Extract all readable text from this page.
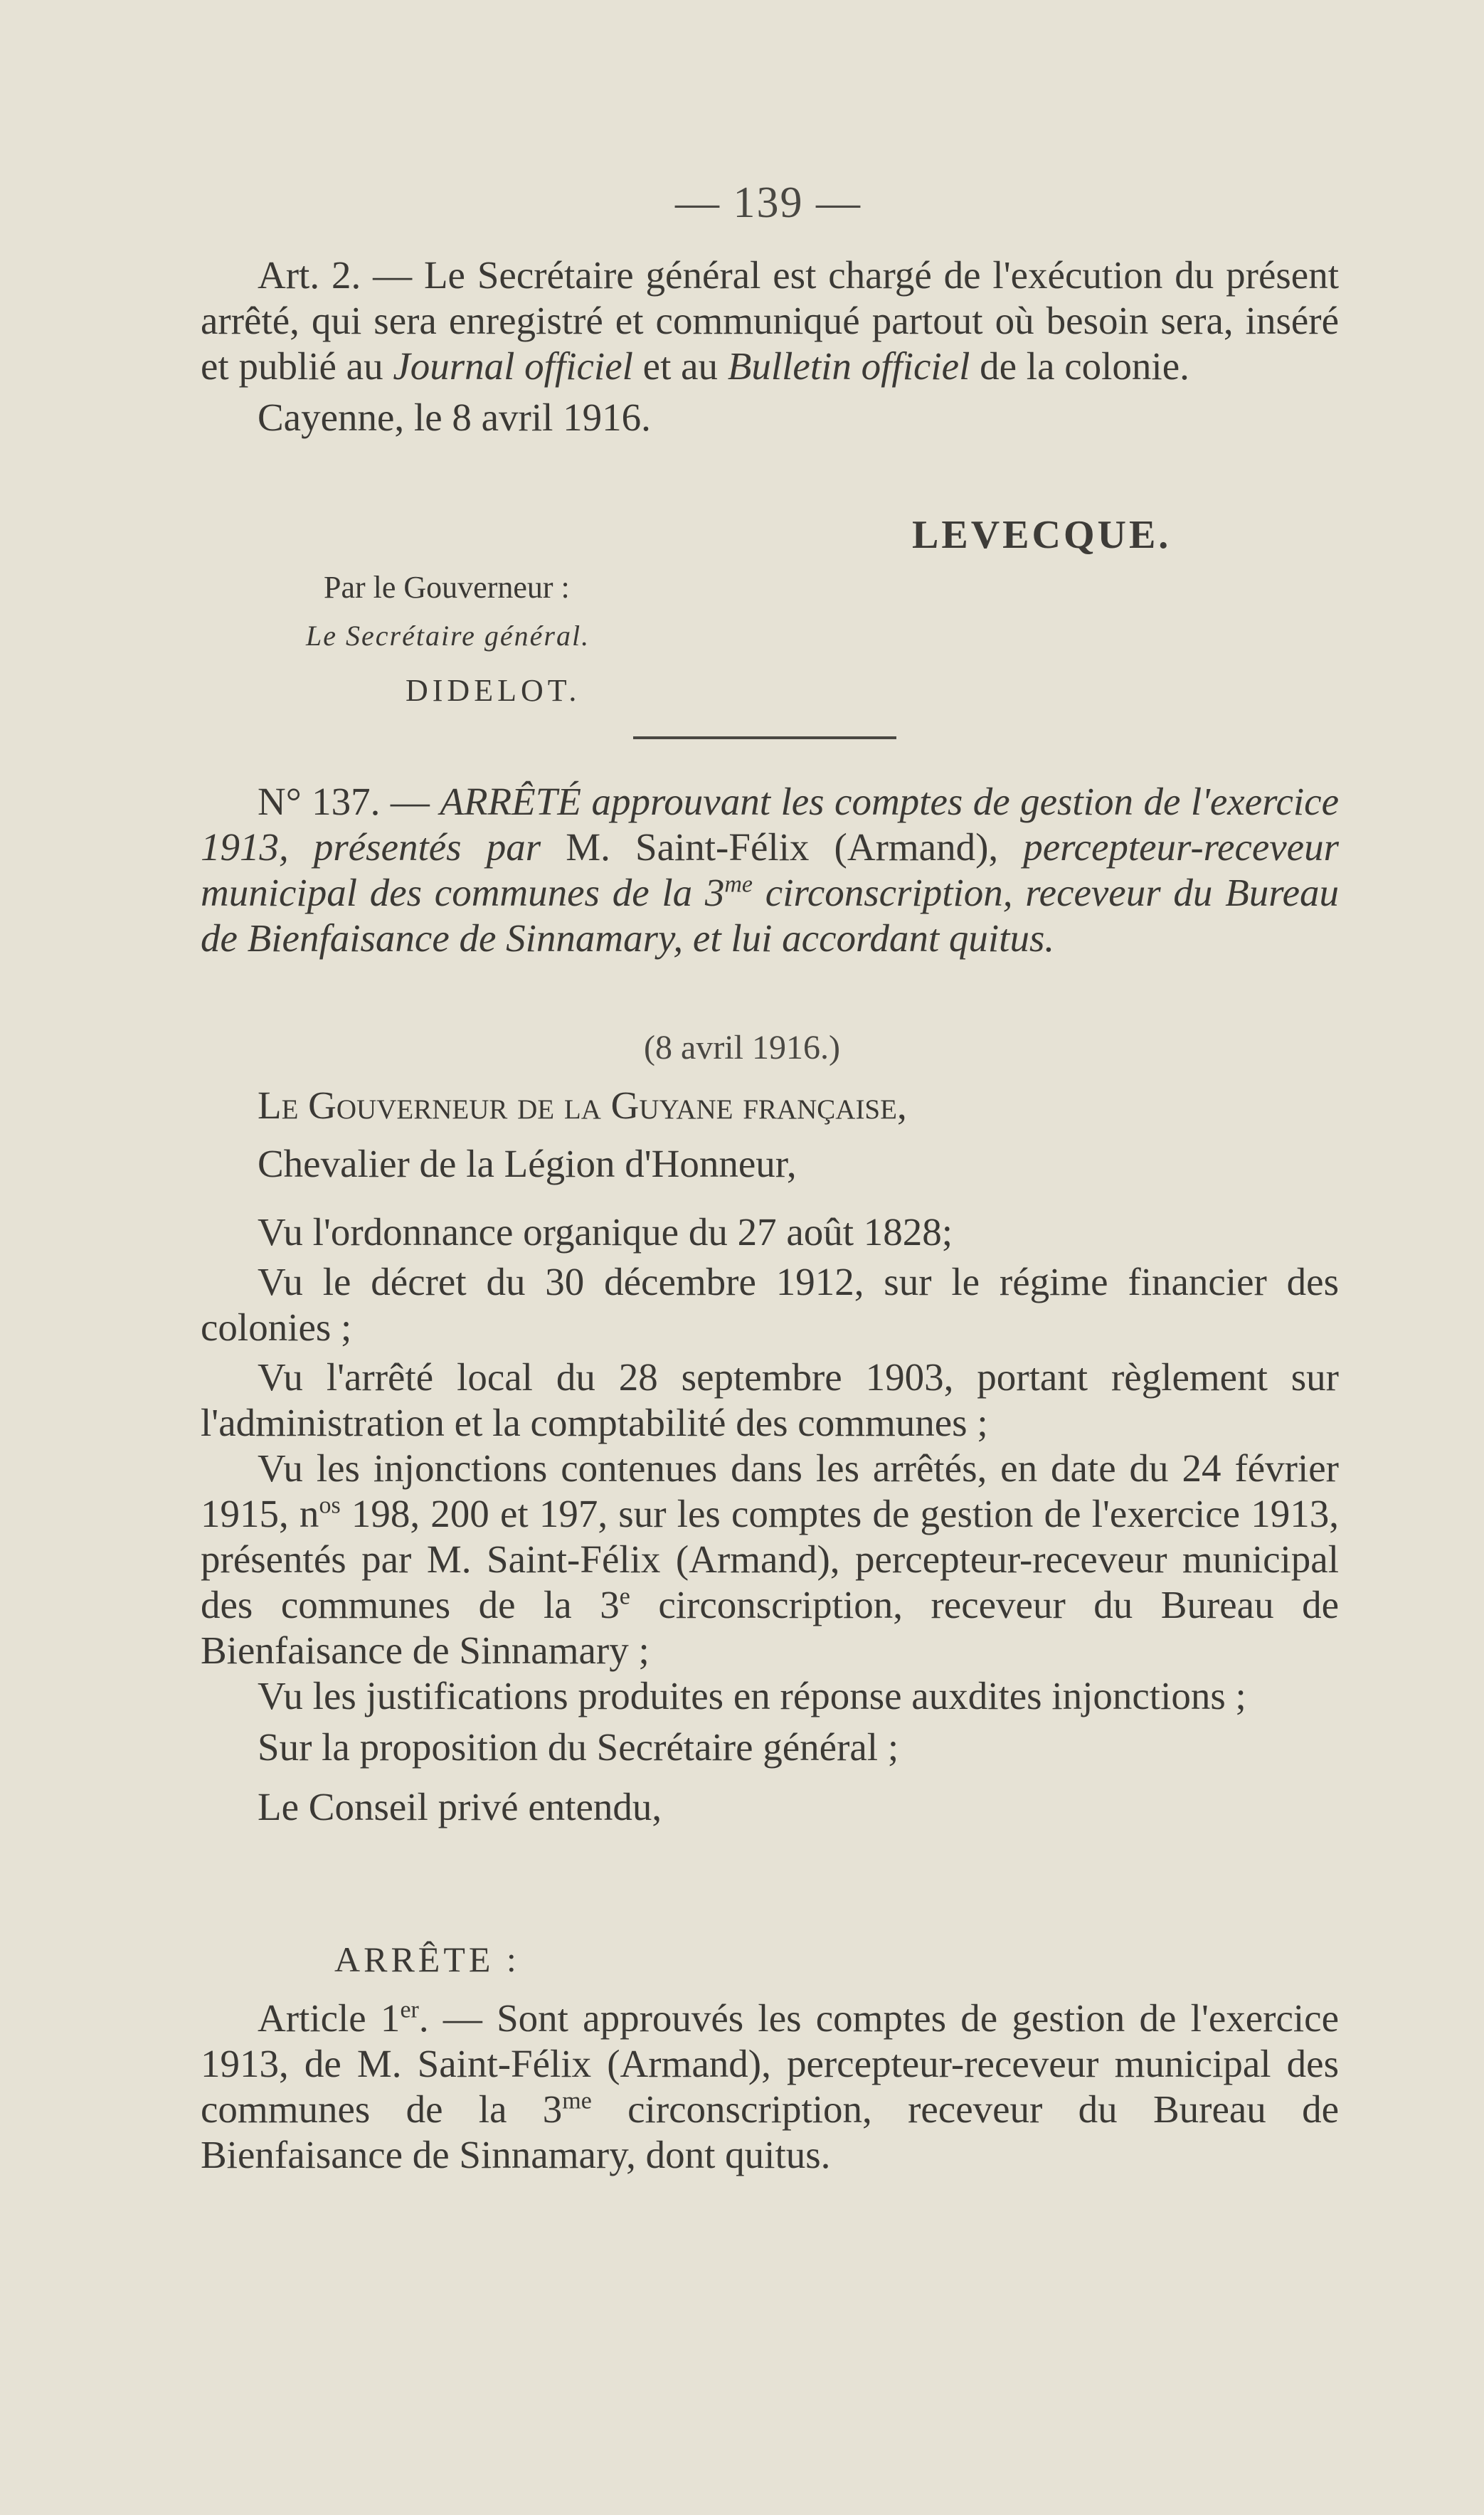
— 139 —

Art. 2. — Le Secrétaire général est chargé de l'exécution du présent arrêté, qui sera enregistré et communiqué partout où besoin sera, inséré et publié au Journal officiel et au Bulletin officiel de la colonie.

Cayenne, le 8 avril 1916.

LEVECQUE.
Par le Gouverneur :
Le Secrétaire général.
DIDELOT.

N° 137. — ARRÊTÉ approuvant les comptes de gestion de l'exercice 1913, présentés par M. Saint-Félix (Armand), percepteur-receveur municipal des communes de la $3^{me}$ circonscription, receveur du Bureau de Bienfaisance de Sinnamary, et lui accordant quitus.

(8 avril 1916.)

Le Gouverneur de la Guyane française,

Chevalier de la Légion d'Honneur,

Vu l'ordonnance organique du 27 août 1828;

Vu le décret du 30 décembre 1912, sur le régime financier des colonies ;

Vu l'arrêté local du 28 septembre 1903, portant règlement sur l'administration et la comptabilité des communes ;

Vu les injonctions contenues dans les arrêtés, en date du 24 février 1915, $n^{os}$ 198, 200 et 197, sur les comptes de gestion de l'exercice 1913, présentés par M. Saint-Félix (Armand), percepteur-receveur municipal des communes de la 3e circonscription, receveur du Bureau de Bienfaisance de Sinnamary ;

Vu les justifications produites en réponse auxdites injonctions ;

Sur la proposition du Secrétaire général ;

Le Conseil privé entendu,

ARRÊTE :

Article 1er. — Sont approuvés les comptes de gestion de l'exercice 1913, de M. Saint-Félix (Armand), percepteur-receveur municipal des communes de la $3^{me}$ circonscription, receveur du Bureau de Bienfaisance de Sinnamary, dont quitus.
